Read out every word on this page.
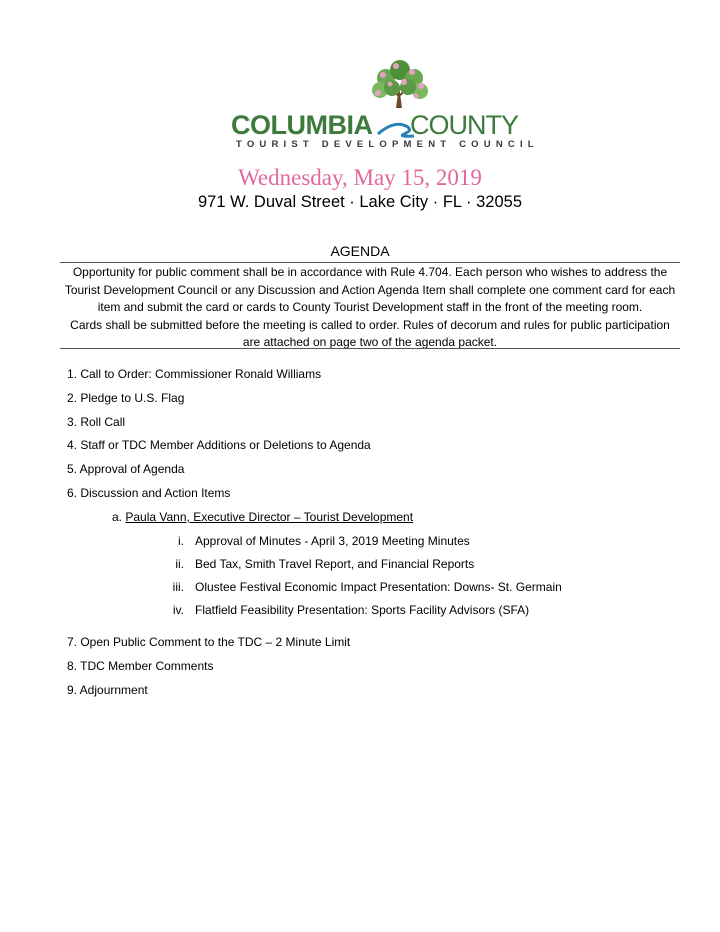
COLUMBIA COUNTY
TOURIST DEVELOPMENT COUNCIL
Wednesday, May 15, 2019
971 W. Duval Street · Lake City · FL · 32055
AGENDA
Opportunity for public comment shall be in accordance with Rule 4.704. Each person who wishes to address the
Tourist Development Council or any Discussion and Action Agenda Item shall complete one comment card for each
item and submit the card or cards to County Tourist Development staff in the front of the meeting room.
Cards shall be submitted before the meeting is called to order. Rules of decorum and rules for public participation
are attached on page two of the agenda packet.
1. Call to Order: Commissioner Ronald Williams
2. Pledge to U.S. Flag
3. Roll Call
4. Staff or TDC Member Additions or Deletions to Agenda
5. Approval of Agenda
6. Discussion and Action Items
a. Paula Vann, Executive Director – Tourist Development
i. Approval of Minutes - April 3, 2019 Meeting Minutes
ii. Bed Tax, Smith Travel Report, and Financial Reports
iii. Olustee Festival Economic Impact Presentation: Downs- St. Germain
iv. Flatfield Feasibility Presentation: Sports Facility Advisors (SFA)
7. Open Public Comment to the TDC – 2 Minute Limit
8. TDC Member Comments
9. Adjournment
